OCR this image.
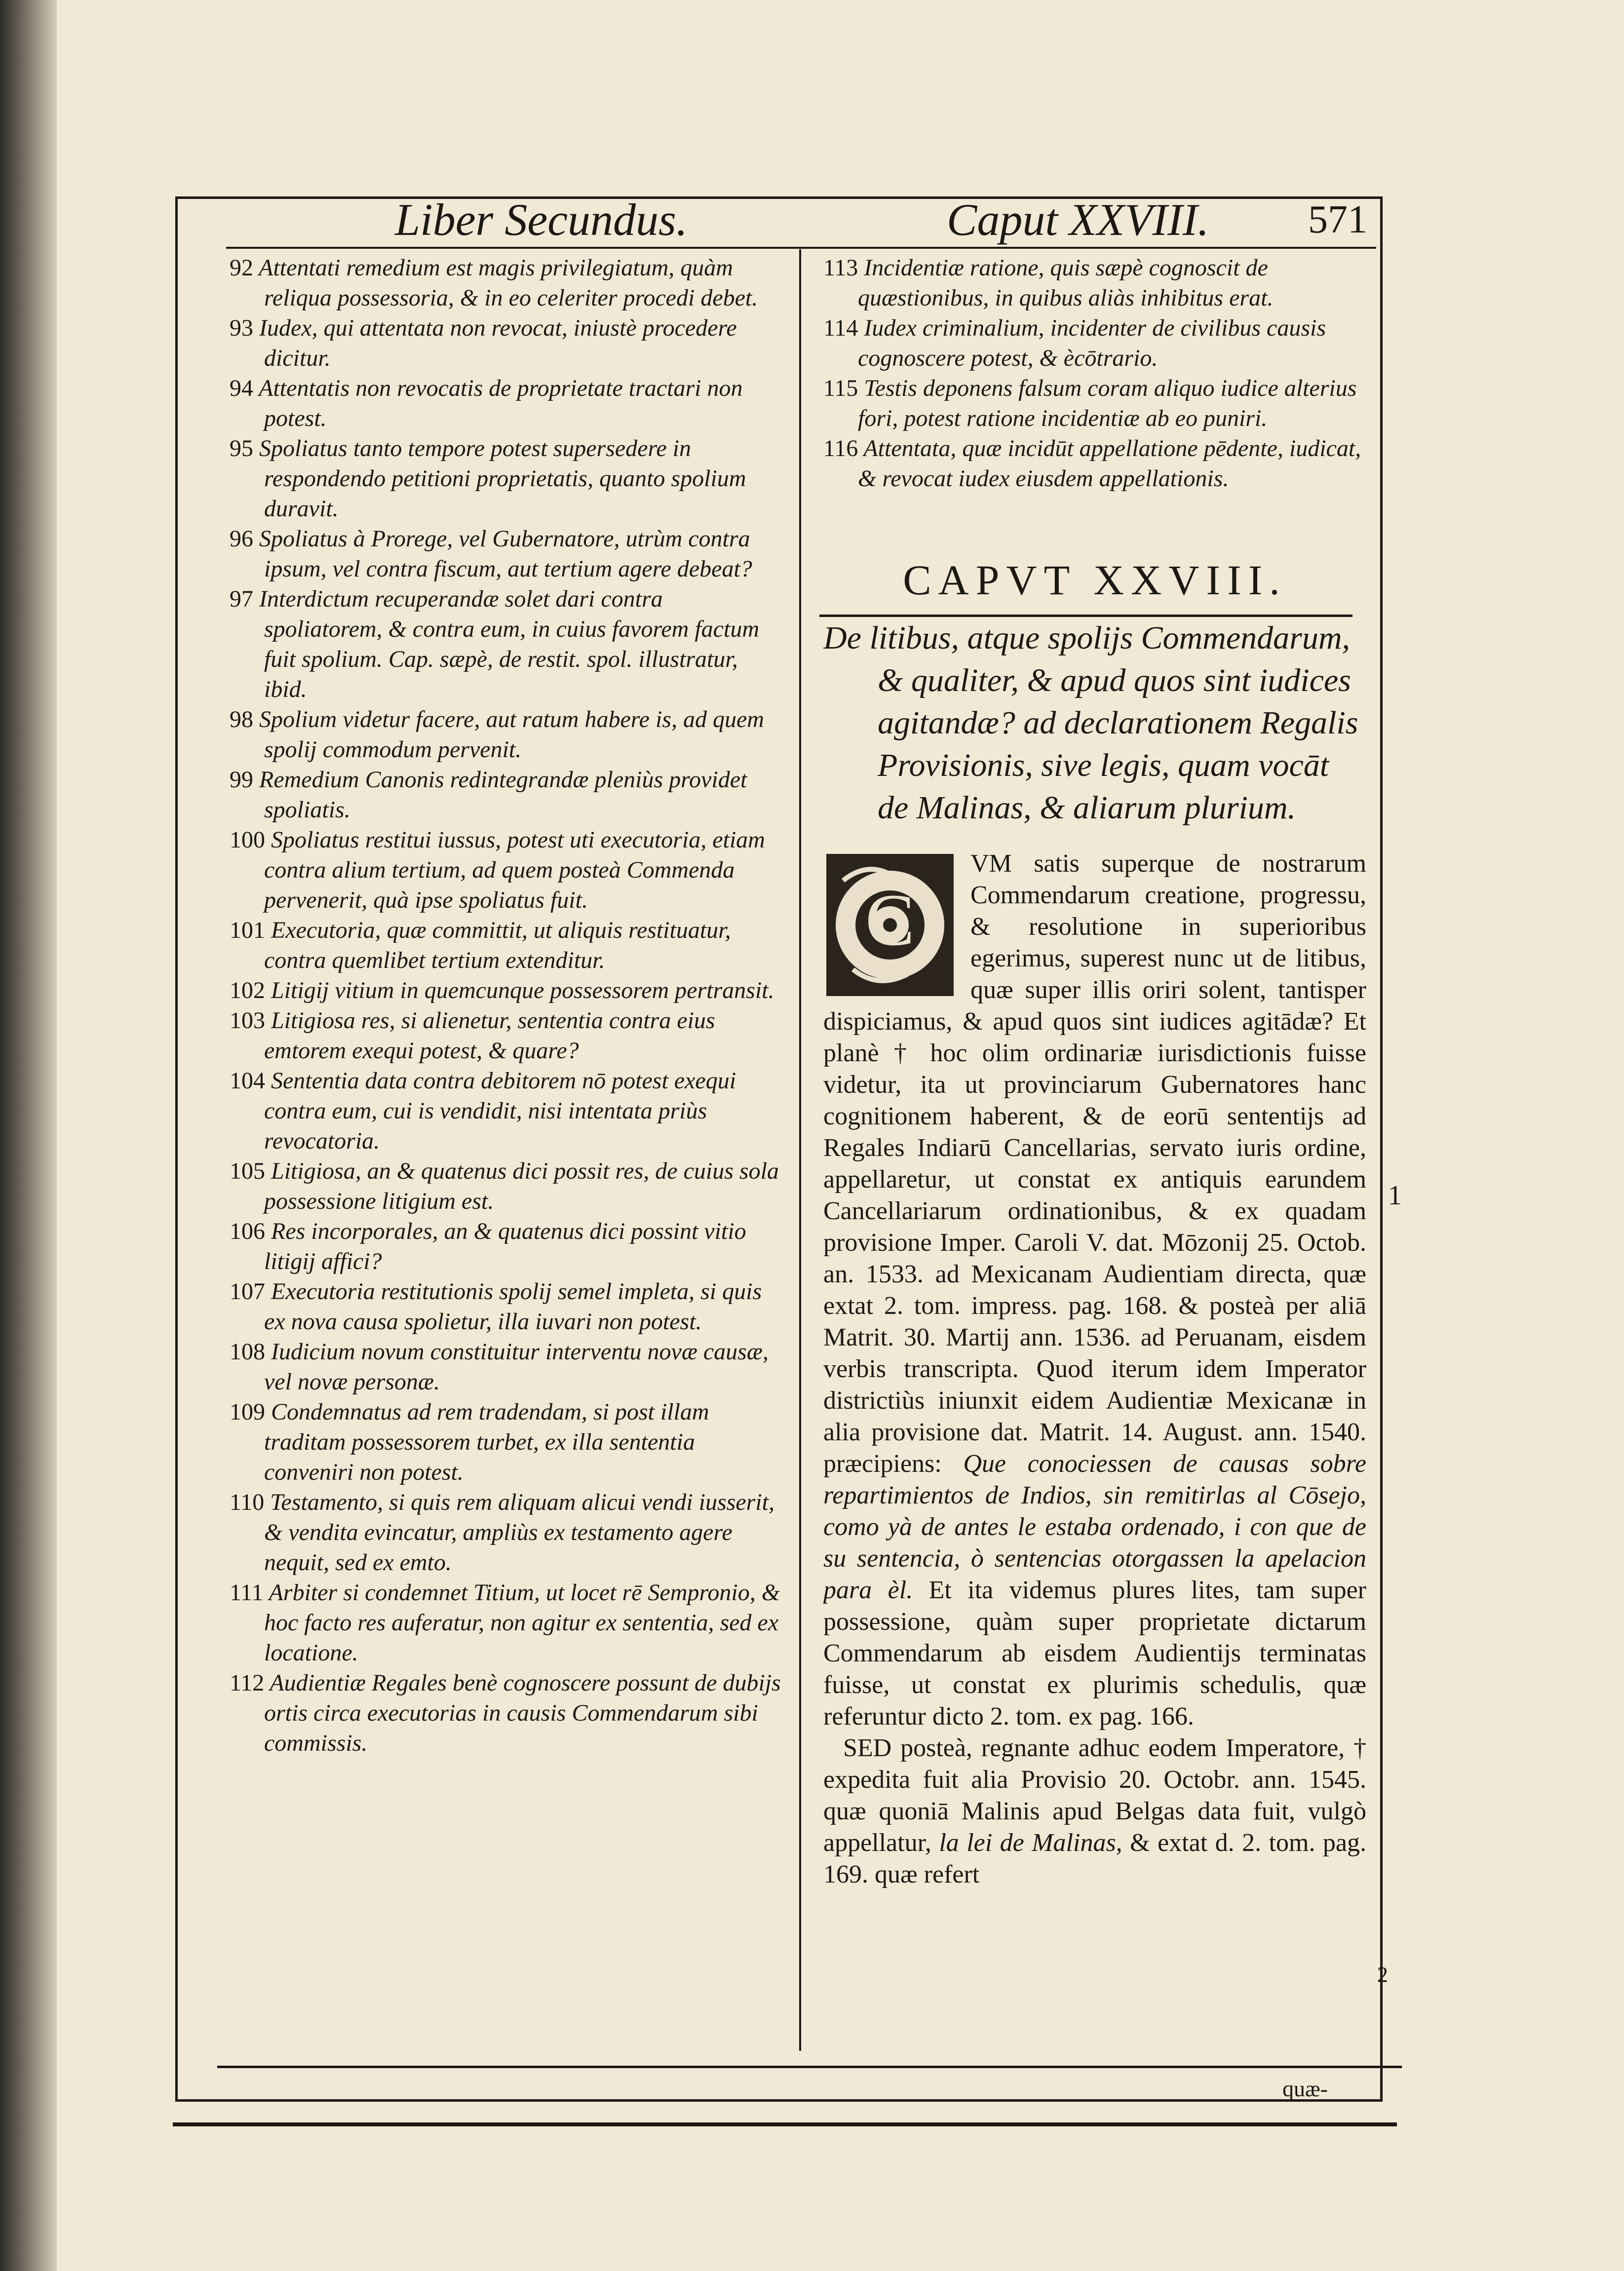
Liber Secundus.	Caput XXVIII.	571

92 Attentati remedium est magis privilegiatum, quàm reliqua possessoria, & in eo celeriter procedi debet.

93 Iudex, qui attentata non revocat, iniustè procedere dicitur.

94 Attentatis non revocatis de proprietate tractari non potest.

95 Spoliatus tanto tempore potest supersedere in respondendo petitioni proprietatis, quanto spolium duravit.

96 Spoliatus à Prorege, vel Gubernatore, utrùm contra ipsum, vel contra fiscum, aut tertium agere debeat?

97 Interdictum recuperandæ solet dari contra spoliatorem, & contra eum, in cuius favorem factum fuit spolium. Cap. sæpè, de restit. spol. illustratur, ibid.

98 Spolium videtur facere, aut ratum habere is, ad quem spolij commodum pervenit.

99 Remedium Canonis redintegrandæ pleniùs providet spoliatis.

100 Spoliatus restitui iussus, potest uti executoria, etiam contra alium tertium, ad quem posteà Commenda pervenerit, quà ipse spoliatus fuit.

101 Executoria, quæ committit, ut aliquis restituatur, contra quemlibet tertium extenditur.

102 Litigij vitium in quemcunque possessorem pertransit.

103 Litigiosa res, si alienetur, sententia contra eius emtorem exequi potest, & quare?

104 Sententia data contra debitorem nō potest exequi contra eum, cui is vendidit, nisi intentata priùs revocatoria.

105 Litigiosa, an & quatenus dici possit res, de cuius sola possessione litigium est.

106 Res incorporales, an & quatenus dici possint vitio litigij affici?

107 Executoria restitutionis spolij semel impleta, si quis ex nova causa spolietur, illa iuvari non potest.

108 Iudicium novum constituitur interventu novæ causæ, vel novæ personæ.

109 Condemnatus ad rem tradendam, si post illam traditam possessorem turbet, ex illa sententia conveniri non potest.

110 Testamento, si quis rem aliquam alicui vendi iusserit, & vendita evincatur, ampliùs ex testamento agere nequit, sed ex emto.

111 Arbiter si condemnet Titium, ut locet rē Sempronio, & hoc facto res auferatur, non agitur ex sententia, sed ex locatione.

112 Audientiæ Regales benè cognoscere possunt de dubijs ortis circa executorias in causis Commendarum sibi commissis.

113 Incidentiæ ratione, quis sæpè cognoscit de quæstionibus, in quibus aliàs inhibitus erat.

114 Iudex criminalium, incidenter de civilibus causis cognoscere potest, & ècōtrario.

115 Testis deponens falsum coram aliquo iudice alterius fori, potest ratione incidentiæ ab eo puniri.

116 Attentata, quæ incidūt appellatione pēdente, iudicat, & revocat iudex eiusdem appellationis.

CAPVT XXVIII.

De litibus, atque spolijs Commendarum, & qualiter, & apud quos sint iudices agitandæ? ad declarationem Regalis Provisionis, sive legis, quam vocāt de Malinas, & aliarum plurium.

C
VM satis superque de nostrarum Commendarum creatione, progressu, & resolutione in superioribus egerimus, superest nunc ut de litibus, quæ super illis oriri solent, tantisper dispiciamus, & apud quos sint iudices agitādæ? Et planè † hoc olim ordinariæ iurisdictionis fuisse videtur, ita ut provinciarum Gubernatores hanc cognitionem haberent, & de eorū sententijs ad Regales Indiarū Cancellarias, servato iuris ordine, appellaretur, ut constat ex antiquis earundem Cancellariarum ordinationibus, & ex quadam provisione Imper. Caroli V. dat. Mōzonij 25. Octob. an. 1533. ad Mexicanam Audientiam directa, quæ extat 2. tom. impress. pag. 168. & posteà per aliā Matrit. 30. Martij ann. 1536. ad Peruanam, eisdem verbis transcripta. Quod iterum idem Imperator districtiùs iniunxit eidem Audientiæ Mexicanæ in alia provisione dat. Matrit. 14. August. ann. 1540. præcipiens: Que conociessen de causas sobre repartimientos de Indios, sin remitirlas al Cōsejo, como yà de antes le estaba ordenado, i con que de su sentencia, ò sentencias otorgassen la apelacion para èl. Et ita videmus plures lites, tam super possessione, quàm super proprietate dictarum Commendarum ab eisdem Audientijs terminatas fuisse, ut constat ex plurimis schedulis, quæ referuntur dicto 2. tom. ex pag. 166.

SED posteà, regnante adhuc eodem Imperatore, † expedita fuit alia Provisio 20. Octobr. ann. 1545. quæ quoniā Malinis apud Belgas data fuit, vulgò appellatur, la lei de Malinas, & extat d. 2. tom. pag. 169. quæ refert

1
2
quæ-
